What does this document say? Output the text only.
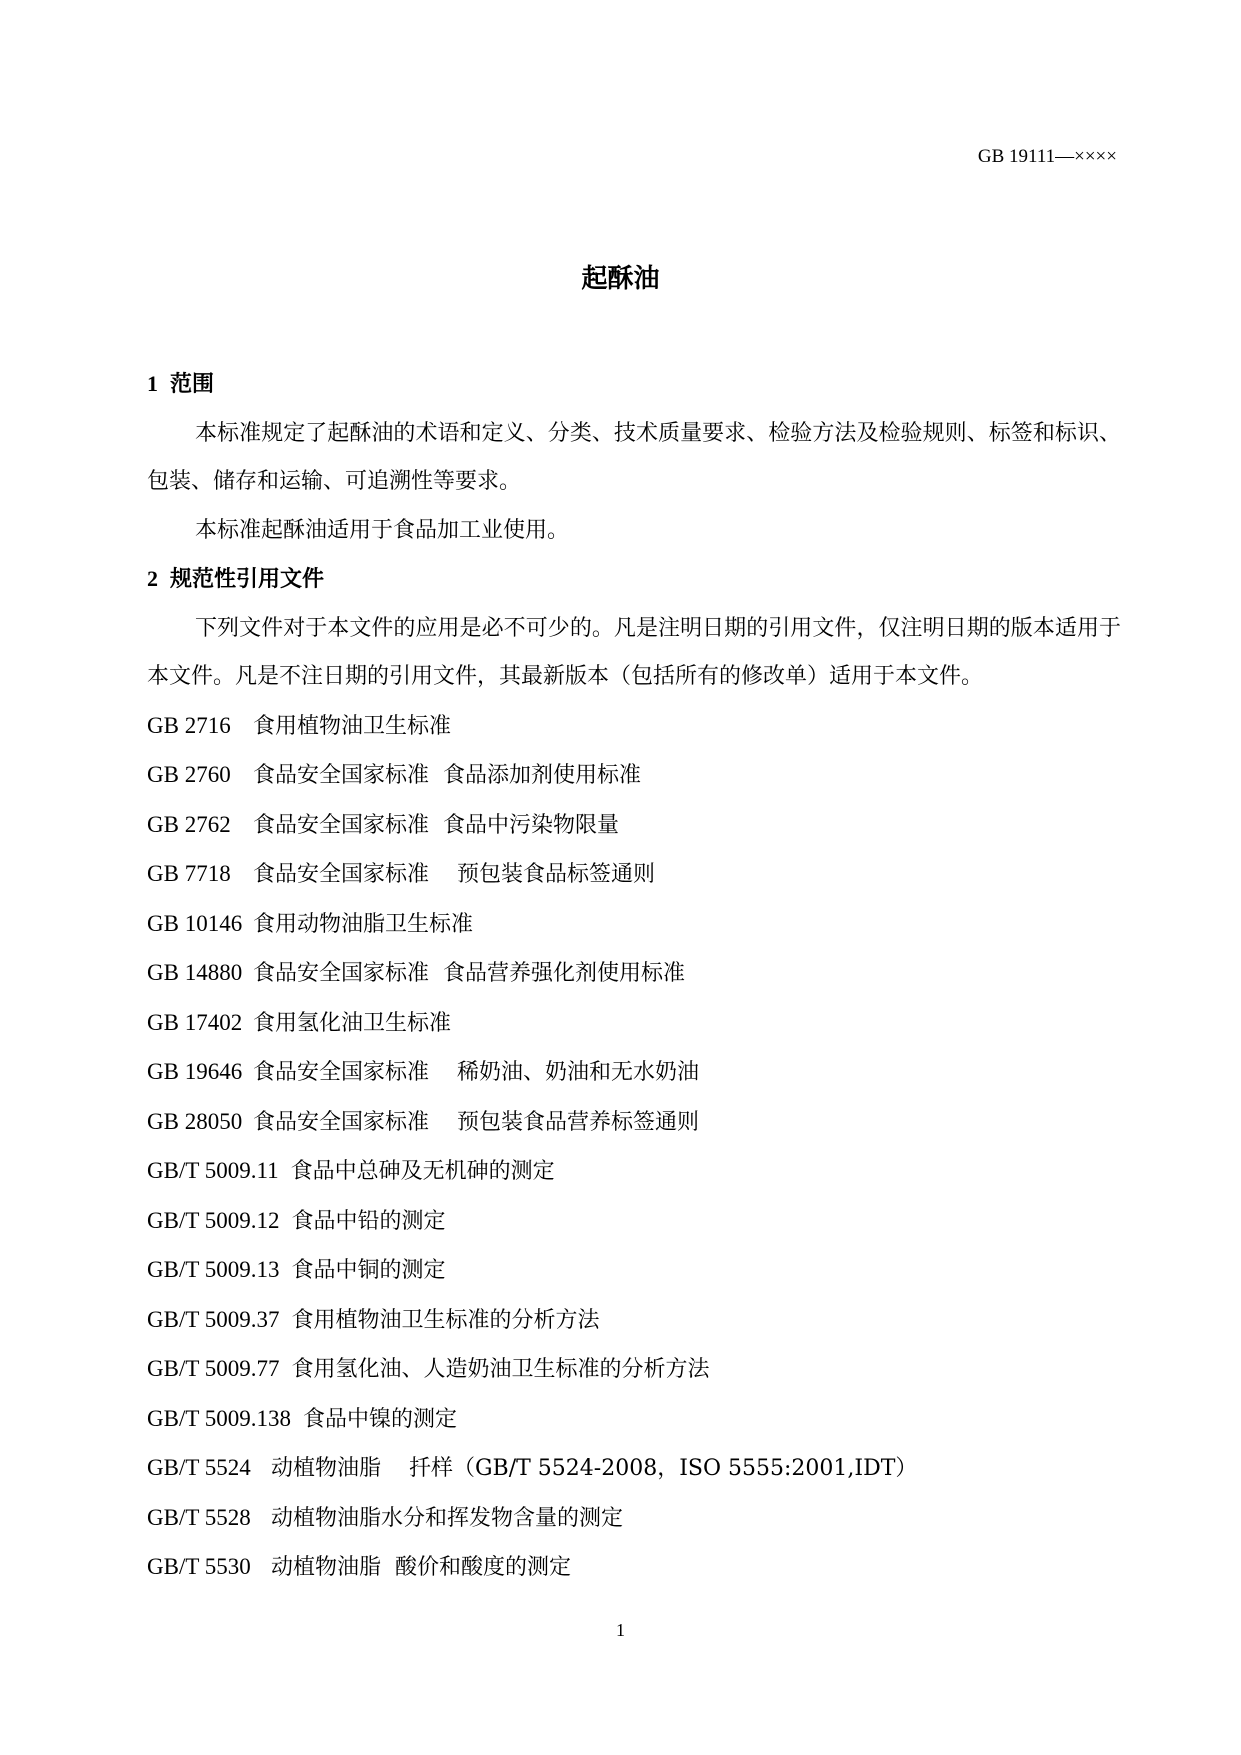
GB 19111—××××
起酥油
1 范围
本标准规定了起酥油的术语和定义、分类、技术质量要求、检验方法及检验规则、标签和标识、包装、储存和运输、可追溯性等要求。
本标准起酥油适用于食品加工业使用。
2 规范性引用文件
下列文件对于本文件的应用是必不可少的。凡是注明日期的引用文件，仅注明日期的版本适用于本文件。凡是不注日期的引用文件，其最新版本（包括所有的修改单）适用于本文件。
GB 2716 食用植物油卫生标准
GB 2760 食品安全国家标准  食品添加剂使用标准
GB 2762 食品安全国家标准  食品中污染物限量
GB 7718 食品安全国家标准    预包装食品标签通则
GB 10146 食用动物油脂卫生标准
GB 14880 食品安全国家标准  食品营养强化剂使用标准
GB 17402 食用氢化油卫生标准
GB 19646 食品安全国家标准    稀奶油、奶油和无水奶油
GB 28050 食品安全国家标准    预包装食品营养标签通则
GB/T 5009.11 食品中总砷及无机砷的测定
GB/T 5009.12 食品中铅的测定
GB/T 5009.13 食品中铜的测定
GB/T 5009.37 食用植物油卫生标准的分析方法
GB/T 5009.77 食用氢化油、人造奶油卫生标准的分析方法
GB/T 5009.138 食品中镍的测定
GB/T 5524 动植物油脂    扦样（GB/T 5524-2008，ISO 5555:2001,IDT）
GB/T 5528 动植物油脂水分和挥发物含量的测定
GB/T 5530 动植物油脂  酸价和酸度的测定
1
